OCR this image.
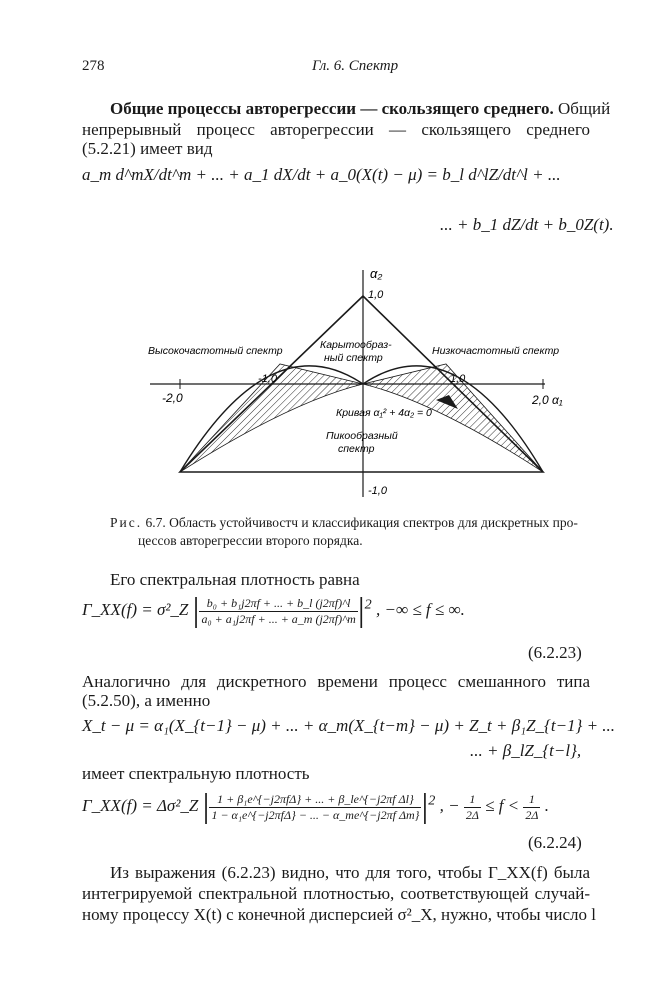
278	Гл. 6. Спектр
Общие процессы авторегрессии — скользящего среднего. Общий
непрерывный процесс авторегрессии — скользящего среднего
(5.2.21) имеет вид
a_m d^mX/dt^m + ... + a_1 dX/dt + a_0(X(t) − μ) = b_l d^lZ/dt^l + ...
... + b_1 dZ/dt + b_0Z(t).
α₂
1,0
-1,0
-2,0
-1,0	1,0
2,0 α₁
Высокочастотный спектр	Низкочастотный спектр
Карытообраз-
ный спектр
Кривая α₁² + 4α₂ = 0
Пикообразный
спектр
Рис. 6.7. Область устойчивостч и классификация спектров для дискретных про-
цессов авторегрессии второго порядка.
Его спектральная плотность равна
Γ_XX(f) = σ²_Z | $\frac{\text{b₀ + b₁j2πf + ... + b\_l (j2πf)\textasciicircum{}l}}{\text{a₀ + a₁j2πf + ... + a\_m (j2πf)\textasciicircum{}m}} |^2$ , −∞ ≤ f ≤ ∞.
(6.2.23)
Аналогично для дискретного времени процесс смешанного типа
(5.2.50), а именно
X_t − μ = α₁(X_{t−1} − μ) + ... + α_m(X_{t−m} − μ) + Z_t + β₁Z_{t−1} + ...
... + β_lZ_{t−l},
имеет спектральную плотность
Γ_XX(f) = Δσ²_Z | $\frac{\text{1 + β₁e\textasciicircum{}\{−j2πfΔ\} + ... + β\_le\textasciicircum{}\{−j2πf Δl\}}}{\text{1 − α₁e\textasciicircum{}\{−j2πfΔ\} − ... − α\_me\textasciicircum{}\{−j2πf Δm\}}} |^2$ , − $\frac{1}{2\Delta} \le f < \frac{1}{2\Delta}$ .
(6.2.24)
Из выражения (6.2.23) видно, что для того, чтобы Γ_XX(f) была
интегрируемой спектральной плотностью, соответствующей случай-
ному процессу X(t) с конечной дисперсией σ²_X, нужно, чтобы число l
